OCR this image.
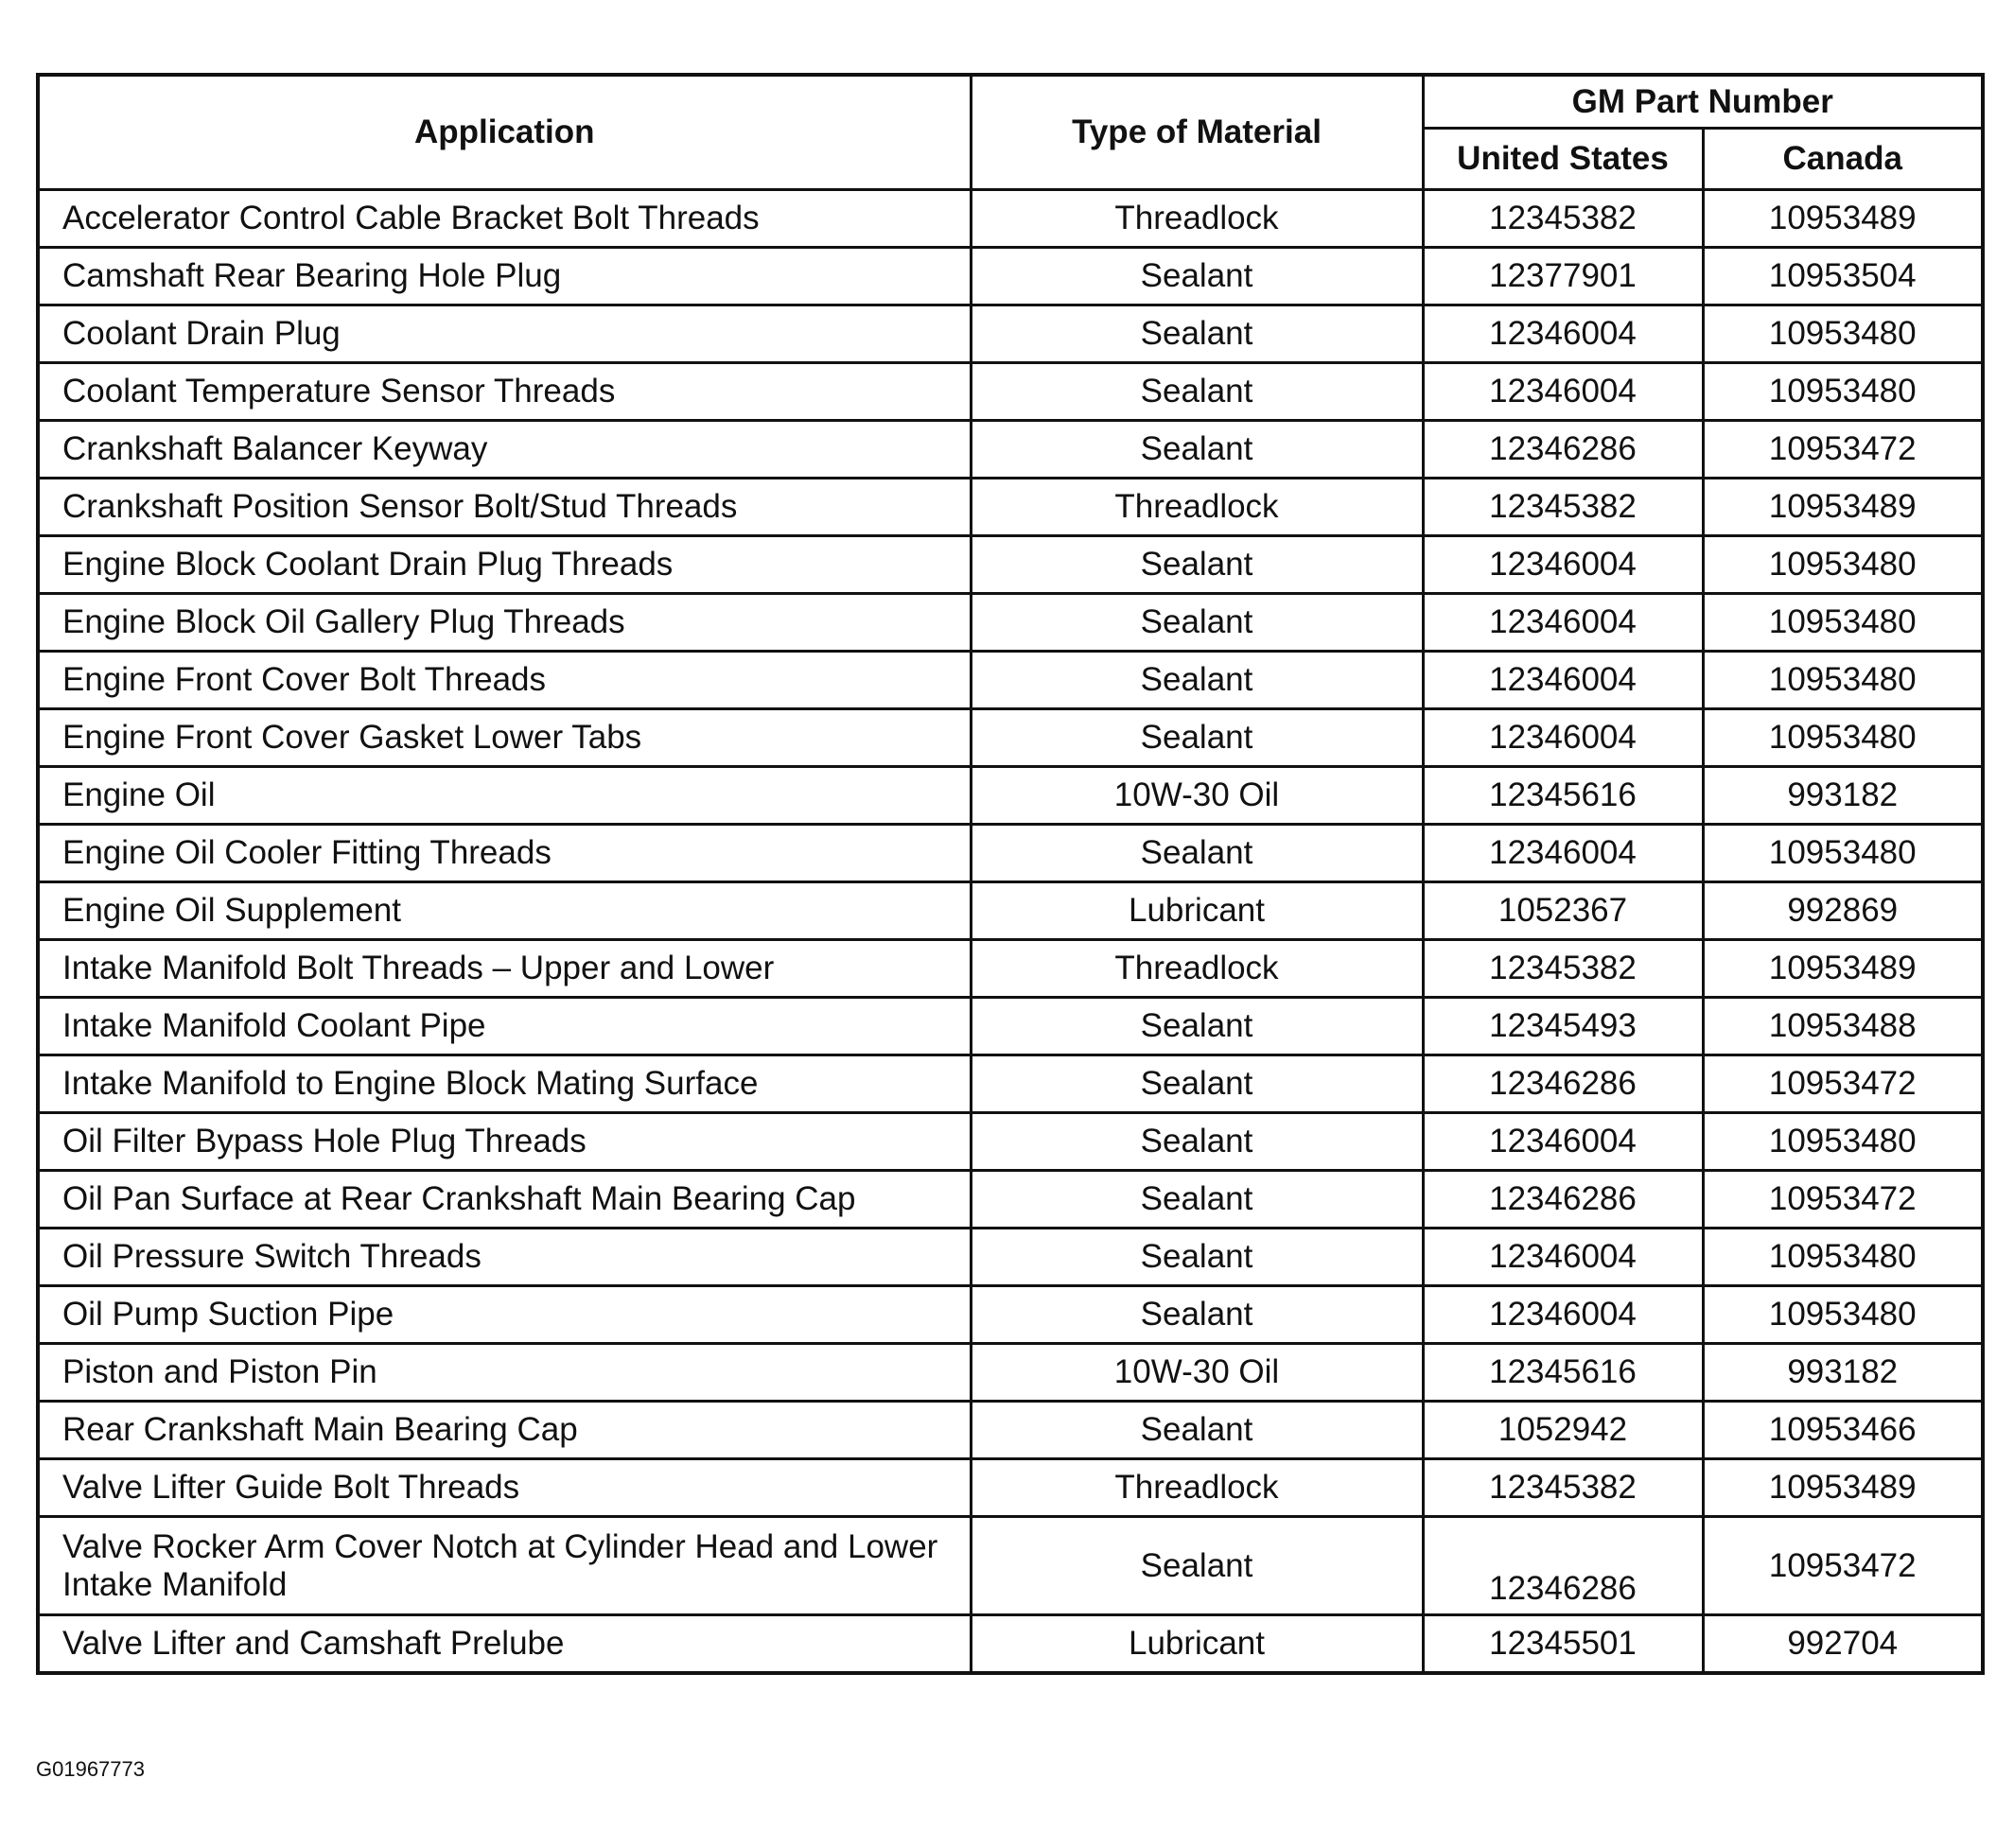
Application	Type of Material	GM Part Number	
		United States	Canada
Accelerator Control Cable Bracket Bolt Threads	Threadlock	12345382	10953489
Camshaft Rear Bearing Hole Plug	Sealant	12377901	10953504
Coolant Drain Plug	Sealant	12346004	10953480
Coolant Temperature Sensor Threads	Sealant	12346004	10953480
Crankshaft Balancer Keyway	Sealant	12346286	10953472
Crankshaft Position Sensor Bolt/Stud Threads	Threadlock	12345382	10953489
Engine Block Coolant Drain Plug Threads	Sealant	12346004	10953480
Engine Block Oil Gallery Plug Threads	Sealant	12346004	10953480
Engine Front Cover Bolt Threads	Sealant	12346004	10953480
Engine Front Cover Gasket Lower Tabs	Sealant	12346004	10953480
Engine Oil	10W-30 Oil	12345616	993182
Engine Oil Cooler Fitting Threads	Sealant	12346004	10953480
Engine Oil Supplement	Lubricant	1052367	992869
Intake Manifold Bolt Threads – Upper and Lower	Threadlock	12345382	10953489
Intake Manifold Coolant Pipe	Sealant	12345493	10953488
Intake Manifold to Engine Block Mating Surface	Sealant	12346286	10953472
Oil Filter Bypass Hole Plug Threads	Sealant	12346004	10953480
Oil Pan Surface at Rear Crankshaft Main Bearing Cap	Sealant	12346286	10953472
Oil Pressure Switch Threads	Sealant	12346004	10953480
Oil Pump Suction Pipe	Sealant	12346004	10953480
Piston and Piston Pin	10W-30 Oil	12345616	993182
Rear Crankshaft Main Bearing Cap	Sealant	1052942	10953466
Valve Lifter Guide Bolt Threads	Threadlock	12345382	10953489
Valve Rocker Arm Cover Notch at Cylinder Head and Lower Intake Manifold	Sealant	12346286	10953472
Valve Lifter and Camshaft Prelube	Lubricant	12345501	992704
G01967773
